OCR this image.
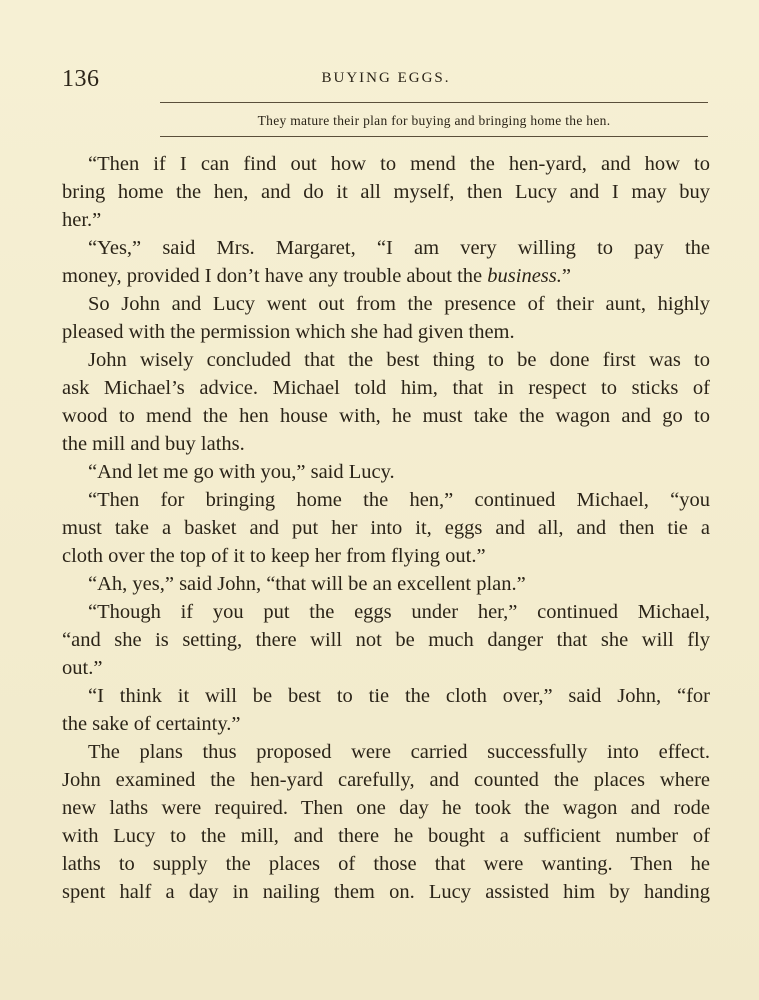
136	BUYING EGGS.
They mature their plan for buying and bringing home the hen.
“Then if I can find out how to mend the hen-yard, and how to
bring home the hen, and do it all myself, then Lucy and I may buy
her.”
“Yes,” said Mrs. Margaret, “I am very willing to pay the
money, provided I don’t have any trouble about the business.”
So John and Lucy went out from the presence of their aunt, highly
pleased with the permission which she had given them.
John wisely concluded that the best thing to be done first was to
ask Michael’s advice. Michael told him, that in respect to sticks of
wood to mend the hen house with, he must take the wagon and go to
the mill and buy laths.
“And let me go with you,” said Lucy.
“Then for bringing home the hen,” continued Michael, “you
must take a basket and put her into it, eggs and all, and then tie a
cloth over the top of it to keep her from flying out.”
“Ah, yes,” said John, “that will be an excellent plan.”
“Though if you put the eggs under her,” continued Michael,
“and she is setting, there will not be much danger that she will fly
out.”
“I think it will be best to tie the cloth over,” said John, “for
the sake of certainty.”
The plans thus proposed were carried successfully into effect.
John examined the hen-yard carefully, and counted the places where
new laths were required. Then one day he took the wagon and rode
with Lucy to the mill, and there he bought a sufficient number of
laths to supply the places of those that were wanting. Then he
spent half a day in nailing them on. Lucy assisted him by handing
